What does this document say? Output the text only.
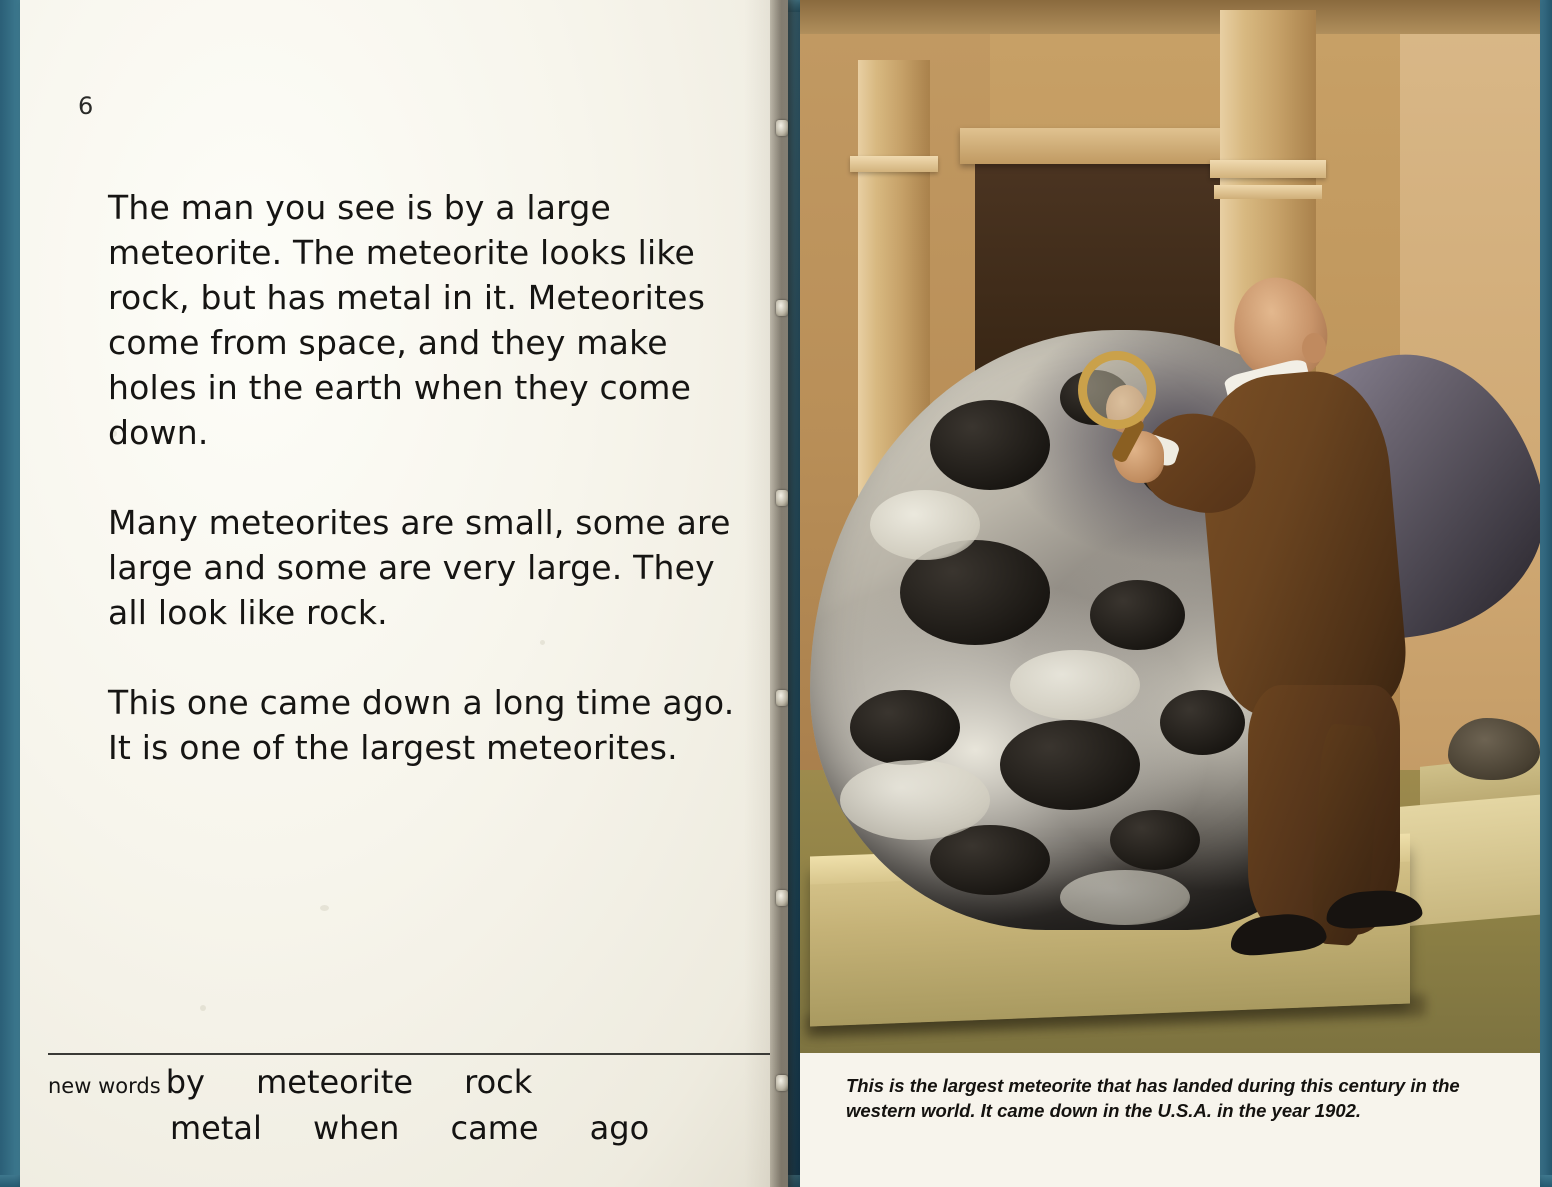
6

The man you see is by a large meteorite. The meteorite looks like rock, but has metal in it. Meteorites come from space, and they make holes in the earth when they come down.

Many meteorites are small, some are large and some are very large. They all look like rock.

This one came down a long time ago. It is one of the largest meteorites.

new words by meteorite rock
metal when came ago
This is the largest meteorite that has landed during this century in the western world. It came down in the U.S.A. in the year 1902.
